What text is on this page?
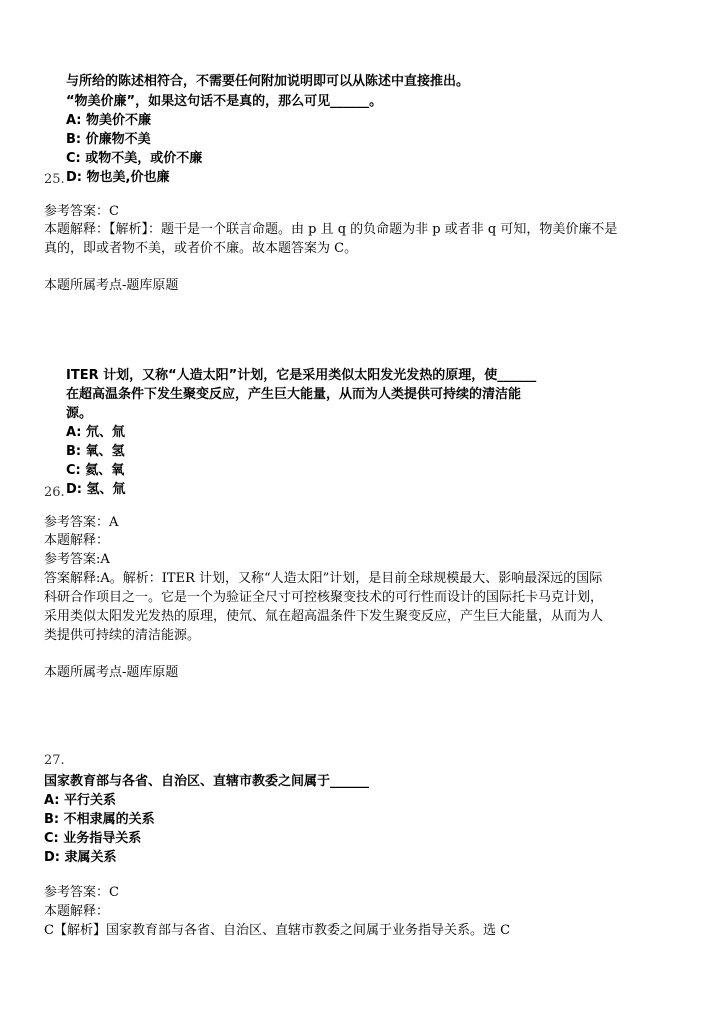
与所给的陈述相符合，不需要任何附加说明即可以从陈述中直接推出。
“物美价廉”，如果这句话不是真的，那么可见______。
A: 物美价不廉
B: 价廉物不美
C: 或物不美，或价不廉
25. D: 物也美,价也廉
参考答案：C
本题解释：【解析】：题干是一个联言命题。由 p 且 q 的负命题为非 p 或者非 q 可知，物美价廉不是
真的，即或者物不美，或者价不廉。故本题答案为 C。
本题所属考点-题库原题
ITER 计划，又称“人造太阳”计划，它是采用类似太阳发光发热的原理，使______
在超高温条件下发生聚变反应，产生巨大能量，从而为人类提供可持续的清洁能
源。
A: 氘、氚
B: 氧、氢
C: 氦、氧
26. D: 氢、氚
参考答案：A
本题解释：
参考答案:A
答案解释:A。解析：ITER 计划，又称“人造太阳”计划，是目前全球规模最大、影响最深远的国际
科研合作项目之一。它是一个为验证全尺寸可控核聚变技术的可行性而设计的国际托卡马克计划，
采用类似太阳发光发热的原理，使氘、氚在超高温条件下发生聚变反应，产生巨大能量，从而为人
类提供可持续的清洁能源。
本题所属考点-题库原题
27.
国家教育部与各省、自治区、直辖市教委之间属于______
A: 平行关系
B: 不相隶属的关系
C: 业务指导关系
D: 隶属关系
参考答案：C
本题解释：
C【解析】国家教育部与各省、自治区、直辖市教委之间属于业务指导关系。选 C
